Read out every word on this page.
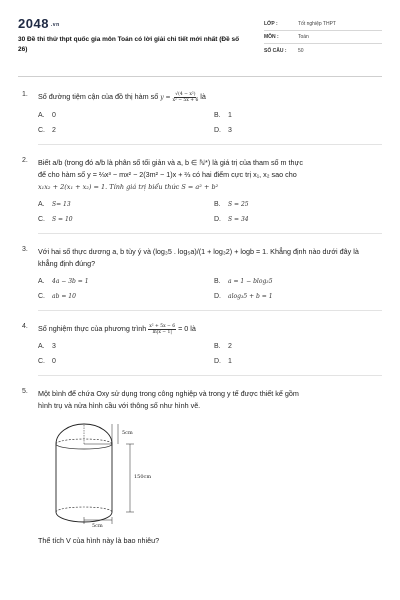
2048 .vn
30 Đề thi thử thpt quốc gia môn Toán có lời giải chi tiết mới nhất (Đề số 26)
LỚP :	Tốt nghiệp THPT
MÔN :	Toán
SỐ CÂU :	50
1. Số đường tiệm cận của đồ thị hàm số $y = \frac{\text{√(4 − x²)}}{\text{x² − 5x + 6}}$ là
A.	0	B.	1
C.	2	D.	3
2. Biết a/b (trong đó a/b là phân số tối giản và a, b ∈ ℕ*) là giá trị của tham số m thực
để cho hàm số y = ⅔x³ − mx² − 2(3m² − 1)x + ⅔ có hai điểm cực trị x₁, x₂ sao cho
x₁x₂ + 2(x₁ + x₂) = 1. Tính giá trị biểu thức S = a² + b²
A.	S= 13	B.	S = 25
C.	S = 10	D.	S = 34
3. Với hai số thực dương a, b tùy ý và (log₃5 . log₅a)/(1 + log₃2) + logb = 1. Khẳng định nào dưới đây là
khẳng định đúng?
A.	4a − 3b = 1	B.	a = 1 − blog₃5
C.	ab = 10	D.	alog₃5 + b = 1
4. Số nghiệm thực của phương trình $\frac{\text{x² + 5x − 6}}{\ln|x - 1|} = 0$ là
A.	3	B.	2
C.	0	D.	1
5. Một bình để chứa Oxy sử dụng trong công nghiệp và trong y tế được thiết kế gồm
hình trụ và nửa hình cầu với thông số như hình vẽ.
5cm
150cm
5cm
Thể tích V của hình này là bao nhiêu?
